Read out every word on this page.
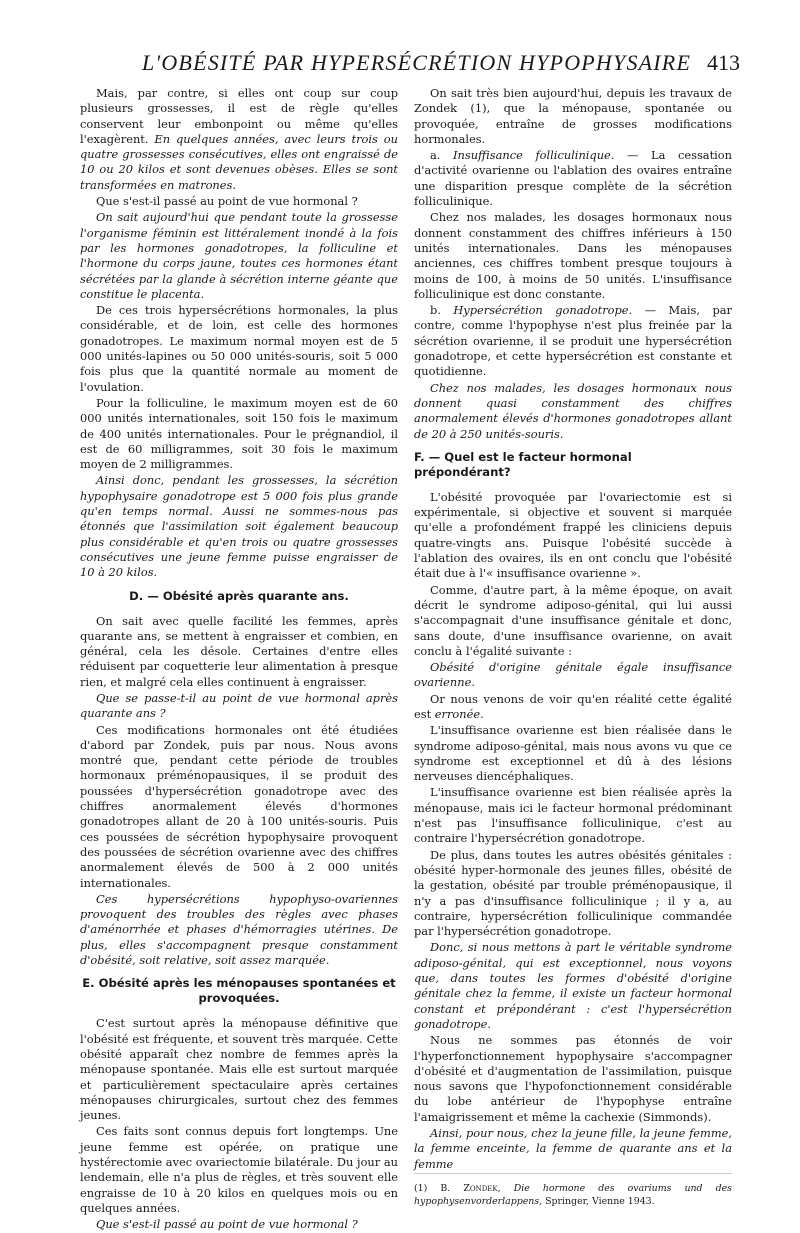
L'OBÉSITÉ PAR HYPERSÉCRÉTION HYPOPHYSAIRE 413

Mais, par contre, si elles ont coup sur coup plusieurs grossesses, il est de règle qu'elles conservent leur embonpoint ou même qu'elles l'exagèrent. En quelques années, avec leurs trois ou quatre grossesses consécutives, elles ont engraissé de 10 ou 20 kilos et sont devenues obèses. Elles se sont transformées en matrones.

Que s'est-il passé au point de vue hormonal ?

On sait aujourd'hui que pendant toute la grossesse l'organisme féminin est littéralement inondé à la fois par les hormones gonadotropes, la folliculine et l'hormone du corps jaune, toutes ces hormones étant sécrétées par la glande à sécrétion interne géante que constitue le placenta.

De ces trois hypersécrétions hormonales, la plus considérable, et de loin, est celle des hormones gonadotropes. Le maximum normal moyen est de 5 000 unités-lapines ou 50 000 unités-souris, soit 5 000 fois plus que la quantité normale au moment de l'ovulation.

Pour la folliculine, le maximum moyen est de 60 000 unités internationales, soit 150 fois le maximum de 400 unités internationales. Pour le prégnandiol, il est de 60 milligrammes, soit 30 fois le maximum moyen de 2 milligrammes.

Ainsi donc, pendant les grossesses, la sécrétion hypophysaire gonadotrope est 5 000 fois plus grande qu'en temps normal. Aussi ne sommes-nous pas étonnés que l'assimilation soit également beaucoup plus considérable et qu'en trois ou quatre grossesses consécutives une jeune femme puisse engraisser de 10 à 20 kilos.

D. — Obésité après quarante ans.

On sait avec quelle facilité les femmes, après quarante ans, se mettent à engraisser et combien, en général, cela les désole. Certaines d'entre elles réduisent par coquetterie leur alimentation à presque rien, et malgré cela elles continuent à engraisser.

Que se passe-t-il au point de vue hormonal après quarante ans ?

Ces modifications hormonales ont été étudiées d'abord par Zondek, puis par nous. Nous avons montré que, pendant cette période de troubles hormonaux préménopausiques, il se produit des poussées d'hypersécrétion gonadotrope avec des chiffres anormalement élevés d'hormones gonadotropes allant de 20 à 100 unités-souris. Puis ces poussées de sécrétion hypophysaire provoquent des poussées de sécrétion ovarienne avec des chiffres anormalement élevés de 500 à 2 000 unités internationales.

Ces hypersécrétions hypophyso-ovariennes provoquent des troubles des règles avec phases d'aménorrhée et phases d'hémorragies utérines. De plus, elles s'accompagnent presque constamment d'obésité, soit relative, soit assez marquée.

E. Obésité après les ménopauses spontanées et provoquées.

C'est surtout après la ménopause définitive que l'obésité est fréquente, et souvent très marquée. Cette obésité apparaît chez nombre de femmes après la ménopause spontanée. Mais elle est surtout marquée et particulièrement spectaculaire après certaines ménopauses chirurgicales, surtout chez des femmes jeunes.

Ces faits sont connus depuis fort longtemps. Une jeune femme est opérée, on pratique une hystérectomie avec ovariectomie bilatérale. Du jour au lendemain, elle n'a plus de règles, et très souvent elle engraisse de 10 à 20 kilos en quelques mois ou en quelques années.

Que s'est-il passé au point de vue hormonal ?

On sait très bien aujourd'hui, depuis les travaux de Zondek (1), que la ménopause, spontanée ou provoquée, entraîne de grosses modifications hormonales.

a. Insuffisance folliculinique. — La cessation d'activité ovarienne ou l'ablation des ovaires entraîne une disparition presque complète de la sécrétion folliculinique.

Chez nos malades, les dosages hormonaux nous donnent constamment des chiffres inférieurs à 150 unités internationales. Dans les ménopauses anciennes, ces chiffres tombent presque toujours à moins de 100, à moins de 50 unités. L'insuffisance folliculinique est donc constante.

b. Hypersécrétion gonadotrope. — Mais, par contre, comme l'hypophyse n'est plus freinée par la sécrétion ovarienne, il se produit une hypersécrétion gonadotrope, et cette hypersécrétion est constante et quotidienne.

Chez nos malades, les dosages hormonaux nous donnent quasi constamment des chiffres anormalement élevés d'hormones gonadotropes allant de 20 à 250 unités-souris.

F. — Quel est le facteur hormonal prépondérant?

L'obésité provoquée par l'ovariectomie est si expérimentale, si objective et souvent si marquée qu'elle a profondément frappé les cliniciens depuis quatre-vingts ans. Puisque l'obésité succède à l'ablation des ovaires, ils en ont conclu que l'obésité était due à l'« insuffisance ovarienne ».

Comme, d'autre part, à la même époque, on avait décrit le syndrome adiposo-génital, qui lui aussi s'accompagnait d'une insuffisance génitale et donc, sans doute, d'une insuffisance ovarienne, on avait conclu à l'égalité suivante :

Obésité d'origine génitale égale insuffisance ovarienne.

Or nous venons de voir qu'en réalité cette égalité est erronée.

L'insuffisance ovarienne est bien réalisée dans le syndrome adiposo-génital, mais nous avons vu que ce syndrome est exceptionnel et dû à des lésions nerveuses diencéphaliques.

L'insuffisance ovarienne est bien réalisée après la ménopause, mais ici le facteur hormonal prédominant n'est pas l'insuffisance folliculinique, c'est au contraire l'hypersécrétion gonadotrope.

De plus, dans toutes les autres obésités génitales : obésité hyper-hormonale des jeunes filles, obésité de la gestation, obésité par trouble préménopausique, il n'y a pas d'insuffisance folliculinique ; il y a, au contraire, hypersécrétion folliculinique commandée par l'hypersécrétion gonadotrope.

Donc, si nous mettons à part le véritable syndrome adiposo-génital, qui est exceptionnel, nous voyons que, dans toutes les formes d'obésité d'origine génitale chez la femme, il existe un facteur hormonal constant et prépondérant : c'est l'hypersécrétion gonadotrope.

Nous ne sommes pas étonnés de voir l'hyperfonctionnement hypophysaire s'accompagner d'obésité et d'augmentation de l'assimilation, puisque nous savons que l'hypofonctionnement considérable du lobe antérieur de l'hypophyse entraîne l'amaigrissement et même la cachexie (Simmonds).

Ainsi, pour nous, chez la jeune fille, la jeune femme, la femme enceinte, la femme de quarante ans et la femme

(1) B. Zondek, Die hormone des ovariums und des hypophysenvorderlappens, Springer, Vienne 1943.
